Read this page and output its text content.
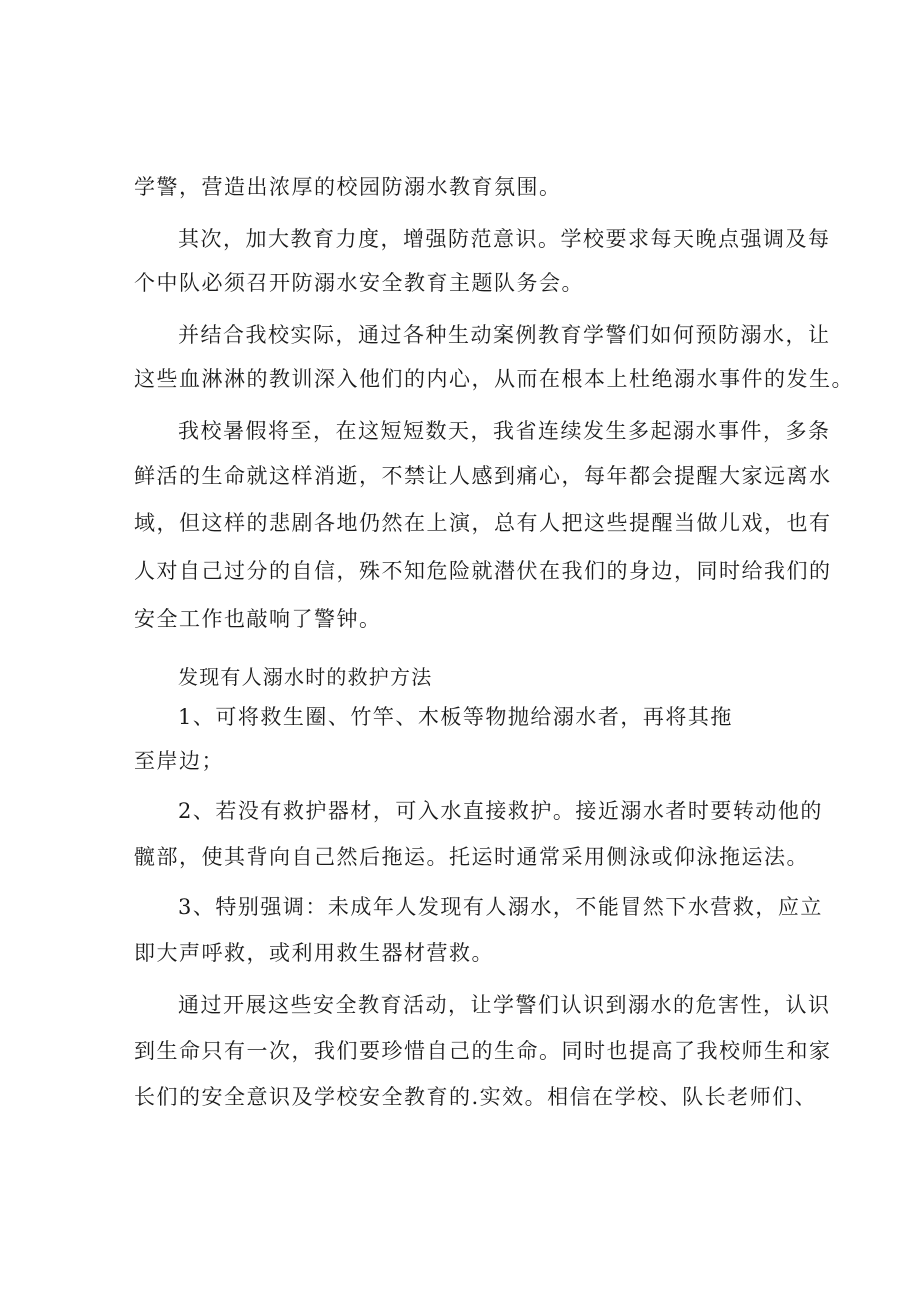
学警，营造出浓厚的校园防溺水教育氛围。
其次，加大教育力度，增强防范意识。学校要求每天晚点强调及每
个中队必须召开防溺水安全教育主题队务会。
并结合我校实际，通过各种生动案例教育学警们如何预防溺水，让
这些血淋淋的教训深入他们的内心，从而在根本上杜绝溺水事件的发生。
我校暑假将至，在这短短数天，我省连续发生多起溺水事件，多条
鲜活的生命就这样消逝，不禁让人感到痛心，每年都会提醒大家远离水
域，但这样的悲剧各地仍然在上演，总有人把这些提醒当做儿戏，也有
人对自己过分的自信，殊不知危险就潜伏在我们的身边，同时给我们的
安全工作也敲响了警钟。
发现有人溺水时的救护方法
1、可将救生圈、竹竿、木板等物抛给溺水者，再将其拖
至岸边；
2、若没有救护器材，可入水直接救护。接近溺水者时要转动他的
髋部，使其背向自己然后拖运。托运时通常采用侧泳或仰泳拖运法。
3、特别强调：未成年人发现有人溺水，不能冒然下水营救，应立
即大声呼救，或利用救生器材营救。
通过开展这些安全教育活动，让学警们认识到溺水的危害性，认识
到生命只有一次，我们要珍惜自己的生命。同时也提高了我校师生和家
长们的安全意识及学校安全教育的.实效。相信在学校、队长老师们、
